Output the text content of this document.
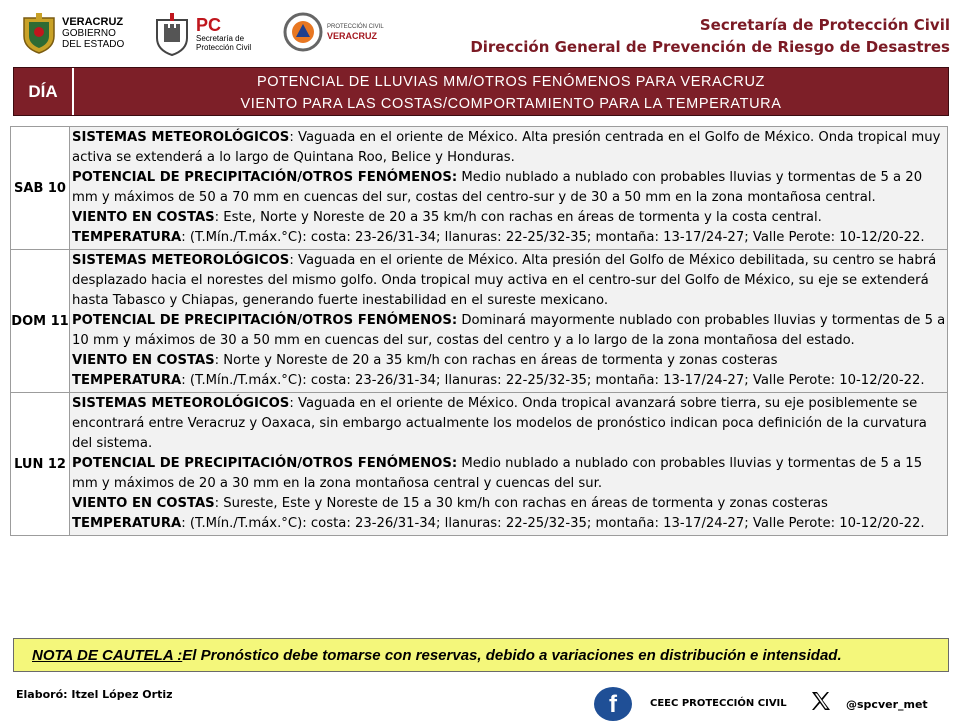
VERACRUZ
GOBIERNO
DEL ESTADO
PC
Secretaría de
Protección Civil
PROTECCIÓN CIVIL
VERACRUZ
Secretaría de Protección Civil
Dirección General de Prevención de Riesgo de Desastres
DÍA	POTENCIAL DE LLUVIAS MM/OTROS FENÓMENOS PARA VERACRUZ
VIENTO PARA LAS COSTAS/COMPORTAMIENTO PARA LA TEMPERATURA
SAB 10	SISTEMAS METEOROLÓGICOS: Vaguada en el oriente de México. Alta presión centrada en el Golfo de México. Onda tropical muy activa se extenderá a lo largo de Quintana Roo, Belice y Honduras.
POTENCIAL DE PRECIPITACIÓN/OTROS FENÓMENOS: Medio nublado a nublado con probables lluvias y tormentas de 5 a 20 mm y máximos de 50 a 70 mm en cuencas del sur, costas del centro-sur y de 30 a 50 mm en la zona montañosa central.
VIENTO EN COSTAS: Este, Norte y Noreste de 20 a 35 km/h con rachas en áreas de tormenta y la costa central.
TEMPERATURA: (T.Mín./T.máx.°C): costa: 23-26/31-34; llanuras: 22-25/32-35; montaña: 13-17/24-27; Valle Perote: 10-12/20-22.
DOM 11	SISTEMAS METEOROLÓGICOS: Vaguada en el oriente de México. Alta presión del Golfo de México debilitada, su centro se habrá desplazado hacia el norestes del mismo golfo. Onda tropical muy activa en el centro-sur del Golfo de México, su eje se extenderá hasta Tabasco y Chiapas, generando fuerte inestabilidad en el sureste mexicano.
POTENCIAL DE PRECIPITACIÓN/OTROS FENÓMENOS: Dominará mayormente nublado con probables lluvias y tormentas de 5 a 10 mm y máximos de 30 a 50 mm en cuencas del sur, costas del centro y a lo largo de la zona montañosa del estado.
VIENTO EN COSTAS: Norte y Noreste de 20 a 35 km/h con rachas en áreas de tormenta y zonas costeras
TEMPERATURA: (T.Mín./T.máx.°C): costa: 23-26/31-34; llanuras: 22-25/32-35; montaña: 13-17/24-27; Valle Perote: 10-12/20-22.
LUN 12	SISTEMAS METEOROLÓGICOS: Vaguada en el oriente de México. Onda tropical avanzará sobre tierra, su eje posiblemente se encontrará entre Veracruz y Oaxaca, sin embargo actualmente los modelos de pronóstico indican poca definición de la curvatura del sistema.
POTENCIAL DE PRECIPITACIÓN/OTROS FENÓMENOS: Medio nublado a nublado con probables lluvias y tormentas de 5 a 15 mm y máximos de 20 a 30 mm en la zona montañosa central y cuencas del sur.
VIENTO EN COSTAS: Sureste, Este y Noreste de 15 a 30 km/h con rachas en áreas de tormenta y zonas costeras
TEMPERATURA: (T.Mín./T.máx.°C): costa: 23-26/31-34; llanuras: 22-25/32-35; montaña: 13-17/24-27; Valle Perote: 10-12/20-22.
NOTA DE CAUTELA : El Pronóstico debe tomarse con reservas, debido a variaciones en distribución e intensidad.
Elaboró: Itzel López Ortiz	f	CEEC PROTECCIÓN CIVIL	@spcver_met
